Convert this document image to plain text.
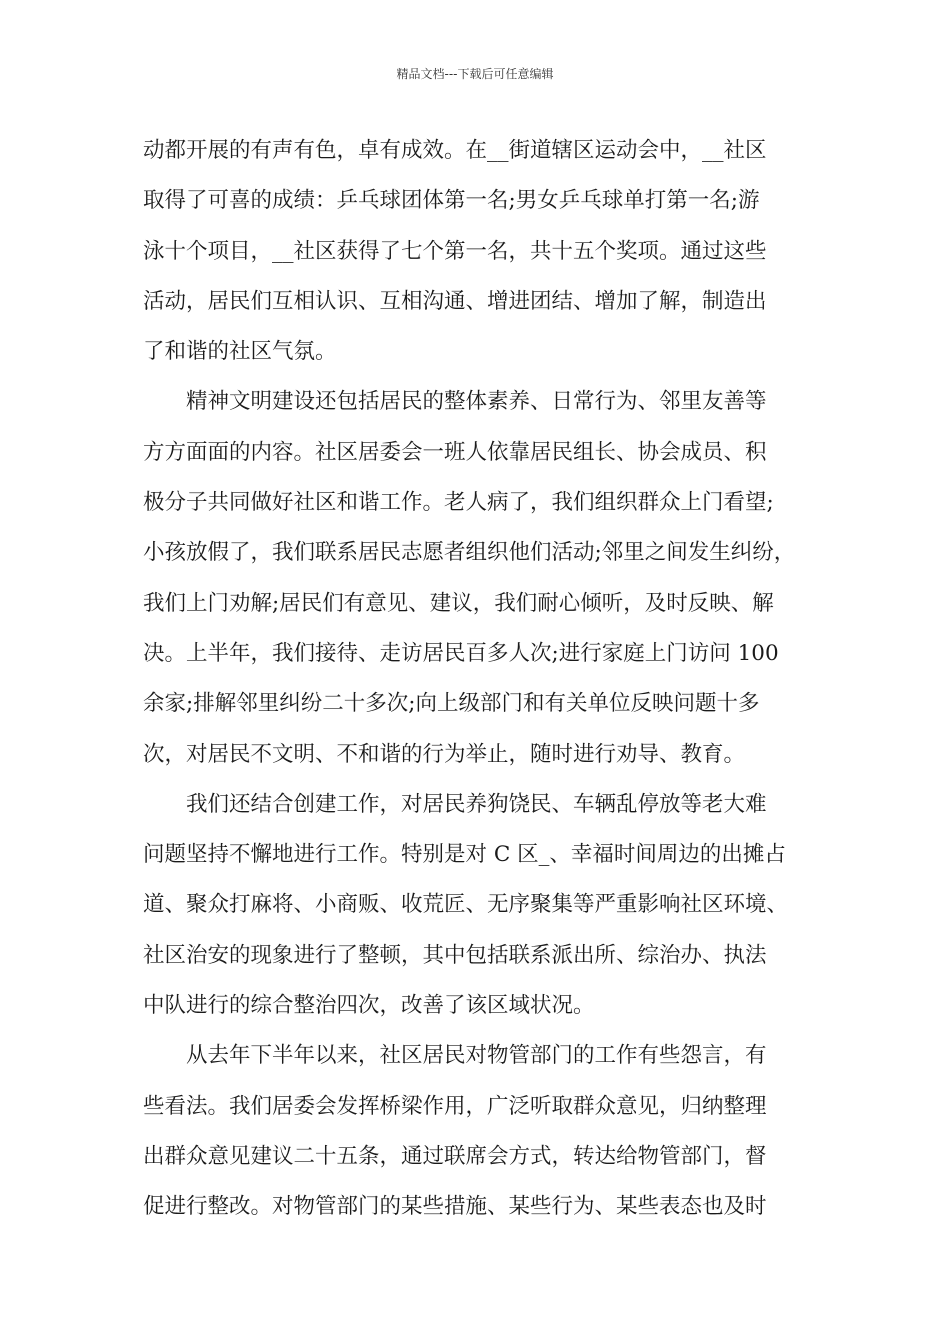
精品文档---下载后可任意编辑
动都开展的有声有色，卓有成效。在__街道辖区运动会中，__社区
取得了可喜的成绩：乒乓球团体第一名;男女乒乓球单打第一名;游
泳十个项目，__社区获得了七个第一名，共十五个奖项。通过这些
活动，居民们互相认识、互相沟通、增进团结、增加了解，制造出
了和谐的社区气氛。
　　精神文明建设还包括居民的整体素养、日常行为、邻里友善等
方方面面的内容。社区居委会一班人依靠居民组长、协会成员、积
极分子共同做好社区和谐工作。老人病了，我们组织群众上门看望;
小孩放假了，我们联系居民志愿者组织他们活动;邻里之间发生纠纷，
我们上门劝解;居民们有意见、建议，我们耐心倾听，及时反映、解
决。上半年，我们接待、走访居民百多人次;进行家庭上门访问 100
余家;排解邻里纠纷二十多次;向上级部门和有关单位反映问题十多
次，对居民不文明、不和谐的行为举止，随时进行劝导、教育。
　　我们还结合创建工作，对居民养狗饶民、车辆乱停放等老大难
问题坚持不懈地进行工作。特别是对 C 区_、幸福时间周边的出摊占
道、聚众打麻将、小商贩、收荒匠、无序聚集等严重影响社区环境、
社区治安的现象进行了整顿，其中包括联系派出所、综治办、执法
中队进行的综合整治四次，改善了该区域状况。
　　从去年下半年以来，社区居民对物管部门的工作有些怨言，有
些看法。我们居委会发挥桥梁作用，广泛听取群众意见，归纳整理
出群众意见建议二十五条，通过联席会方式，转达给物管部门，督
促进行整改。对物管部门的某些措施、某些行为、某些表态也及时
